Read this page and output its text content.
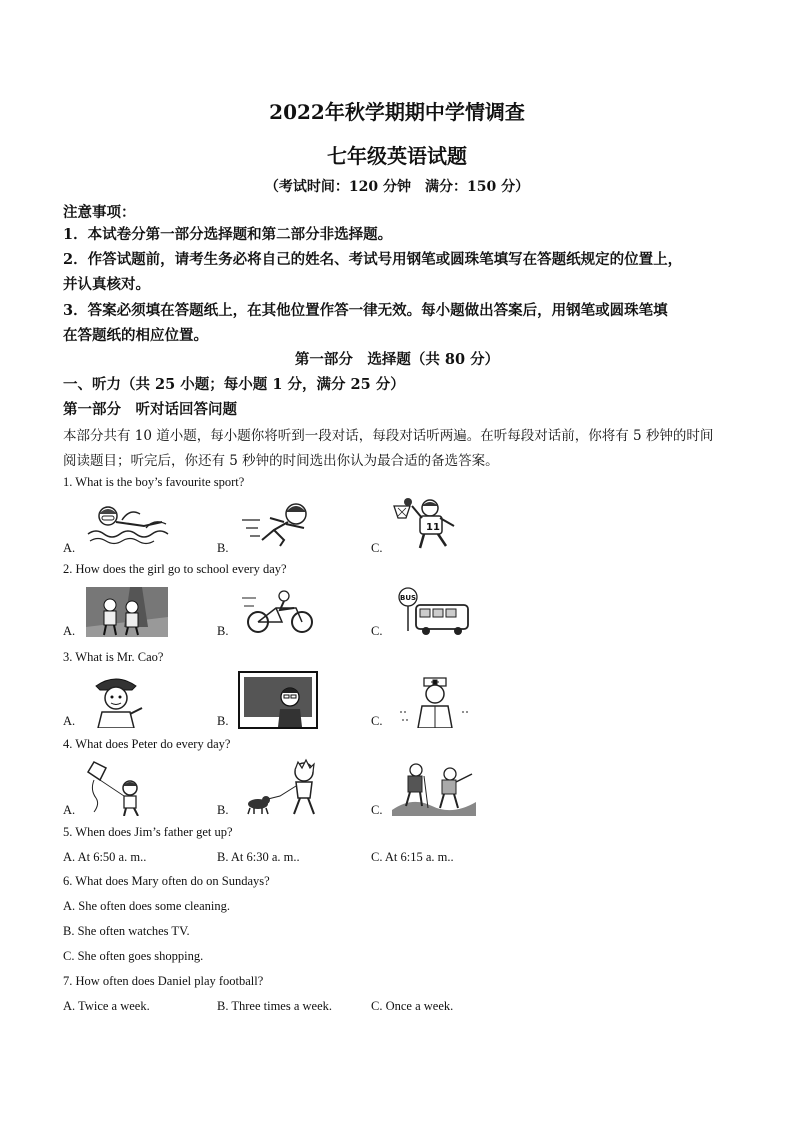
2022年秋学期期中学情调查
七年级英语试题
（考试时间：120 分钟　满分：150 分）
注意事项：
1．本试卷分第一部分选择题和第二部分非选择题。
2．作答试题前，请考生务必将自己的姓名、考试号用钢笔或圆珠笔填写在答题纸规定的位置上，
并认真核对。
3．答案必须填在答题纸上，在其他位置作答一律无效。每小题做出答案后，用钢笔或圆珠笔填
在答题纸的相应位置。
第一部分　选择题（共 80 分）
一、听力（共 25 小题；每小题 1 分，满分 25 分）
第一部分　听对话回答问题
本部分共有 10 道小题，每小题你将听到一段对话，每段对话听两遍。在听每段对话前，你将有 5 秒钟的时间
阅读题目；听完后，你还有 5 秒钟的时间选出你认为最合适的备选答案。
1. What is the boy’s favourite sport?
A.	B.
11
C.
2. How does the girl go to school every day?
A.	B.
BUS
C.
3. What is Mr. Cao?
A.	B.	C.
4. What does Peter do every day?
A.	B.	C.
5. When does Jim’s father get up?
A. At 6:50 a. m..	B. At 6:30 a. m..	C. At 6:15 a. m..
6. What does Mary often do on Sundays?
A. She often does some cleaning.
B. She often watches TV.
C. She often goes shopping.
7. How often does Daniel play football?
A. Twice a week.	B. Three times a week.	C. Once a week.
